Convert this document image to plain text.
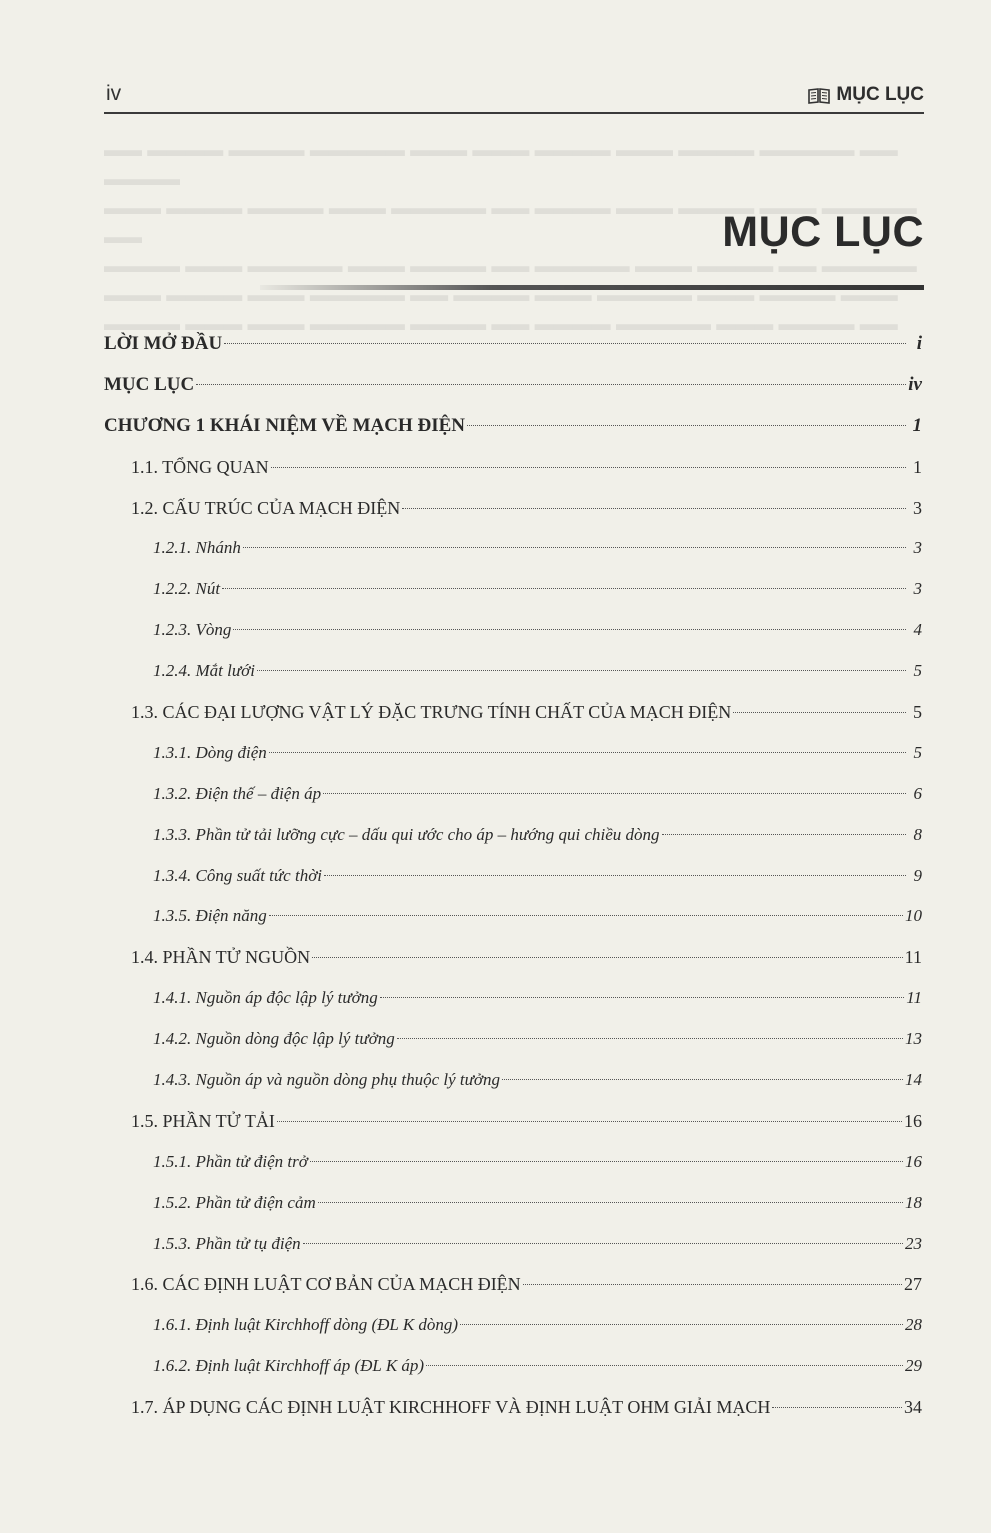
iv	MỤC LỤC
▬▬ ▬▬▬▬ ▬▬▬▬ ▬▬▬▬▬ ▬▬▬ ▬▬▬ ▬▬▬▬ ▬▬▬ ▬▬▬▬ ▬▬▬▬▬ ▬▬ ▬▬▬▬
▬▬▬ ▬▬▬▬ ▬▬▬▬ ▬▬▬ ▬▬▬▬▬ ▬▬ ▬▬▬▬ ▬▬▬ ▬▬▬▬ ▬▬▬ ▬▬▬▬▬ ▬▬
▬▬▬▬ ▬▬▬ ▬▬▬▬▬ ▬▬▬ ▬▬▬▬ ▬▬ ▬▬▬▬▬ ▬▬▬ ▬▬▬▬ ▬▬ ▬▬▬▬▬
▬▬▬ ▬▬▬▬ ▬▬▬ ▬▬▬▬▬ ▬▬ ▬▬▬▬ ▬▬▬ ▬▬▬▬▬ ▬▬▬ ▬▬▬▬ ▬▬▬
▬▬▬▬ ▬▬▬ ▬▬▬ ▬▬▬▬▬ ▬▬▬▬ ▬▬ ▬▬▬▬ ▬▬▬▬▬ ▬▬▬ ▬▬▬▬ ▬▬
MỤC LỤC
LỜI MỞ ĐẦU	i
MỤC LỤC	iv
CHƯƠNG 1 KHÁI NIỆM VỀ MẠCH ĐIỆN	1
1.1. TỔNG QUAN	1
1.2. CẤU TRÚC CỦA MẠCH ĐIỆN	3
1.2.1. Nhánh	3
1.2.2. Nút	3
1.2.3. Vòng	4
1.2.4. Mắt lưới	5
1.3. CÁC ĐẠI LƯỢNG VẬT LÝ ĐẶC TRƯNG TÍNH CHẤT CỦA MẠCH ĐIỆN	5
1.3.1. Dòng điện	5
1.3.2. Điện thế – điện áp	6
1.3.3. Phần tử tải lưỡng cực – dấu qui ước cho áp – hướng qui chiều dòng	8
1.3.4. Công suất tức thời	9
1.3.5. Điện năng	10
1.4. PHẦN TỬ NGUỒN	11
1.4.1. Nguồn áp độc lập lý tưởng	11
1.4.2. Nguồn dòng độc lập lý tưởng	13
1.4.3. Nguồn áp và nguồn dòng phụ thuộc lý tưởng	14
1.5. PHẦN TỬ TẢI	16
1.5.1. Phần tử điện trở	16
1.5.2. Phần tử điện cảm	18
1.5.3. Phần tử tụ điện	23
1.6. CÁC ĐỊNH LUẬT CƠ BẢN CỦA MẠCH ĐIỆN	27
1.6.1. Định luật Kirchhoff dòng (ĐL K dòng)	28
1.6.2. Định luật Kirchhoff áp (ĐL K áp)	29
1.7. ÁP DỤNG CÁC ĐỊNH LUẬT KIRCHHOFF VÀ ĐỊNH LUẬT OHM GIẢI MẠCH	34
